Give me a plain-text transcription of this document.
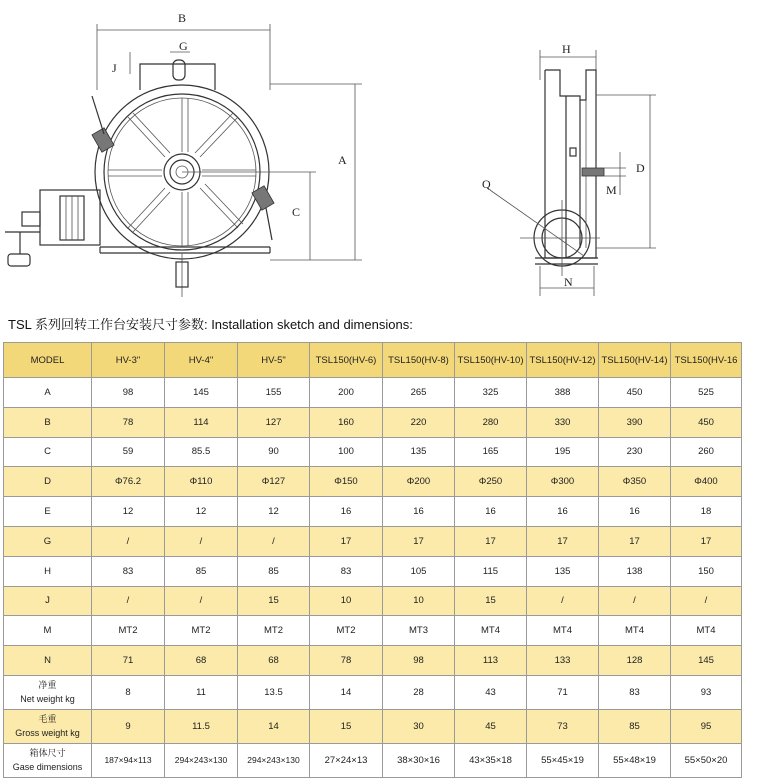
B
G
J
A
C
H
D
M
Q
N
TSL 系列回转工作台安装尺寸参数: Installation sketch and dimensions:
MODEL	HV-3"	HV-4"	HV-5"	TSL150(HV-6)	TSL150(HV-8)	TSL150(HV-10)	TSL150(HV-12)	TSL150(HV-14)	TSL150(HV-16
A	98	145	155	200	265	325	388	450	525
B	78	114	127	160	220	280	330	390	450
C	59	85.5	90	100	135	165	195	230	260
D	Φ76.2	Φ110	Φ127	Φ150	Φ200	Φ250	Φ300	Φ350	Φ400
E	12	12	12	16	16	16	16	16	18
G	/	/	/	17	17	17	17	17	17
H	83	85	85	83	105	115	135	138	150
J	/	/	15	10	10	15	/	/	/
M	MT2	MT2	MT2	MT2	MT3	MT4	MT4	MT4	MT4
N	71	68	68	78	98	113	133	128	145

净重
Net weight kg	8	11	13.5	14	28	43	71	83	93

毛重
Gross weight kg	9	11.5	14	15	30	45	73	85	95

箱体尺寸
Gase dimensions	187×94×113	294×243×130	294×243×130	27×24×13	38×30×16	43×35×18	55×45×19	55×48×19	55×50×20
